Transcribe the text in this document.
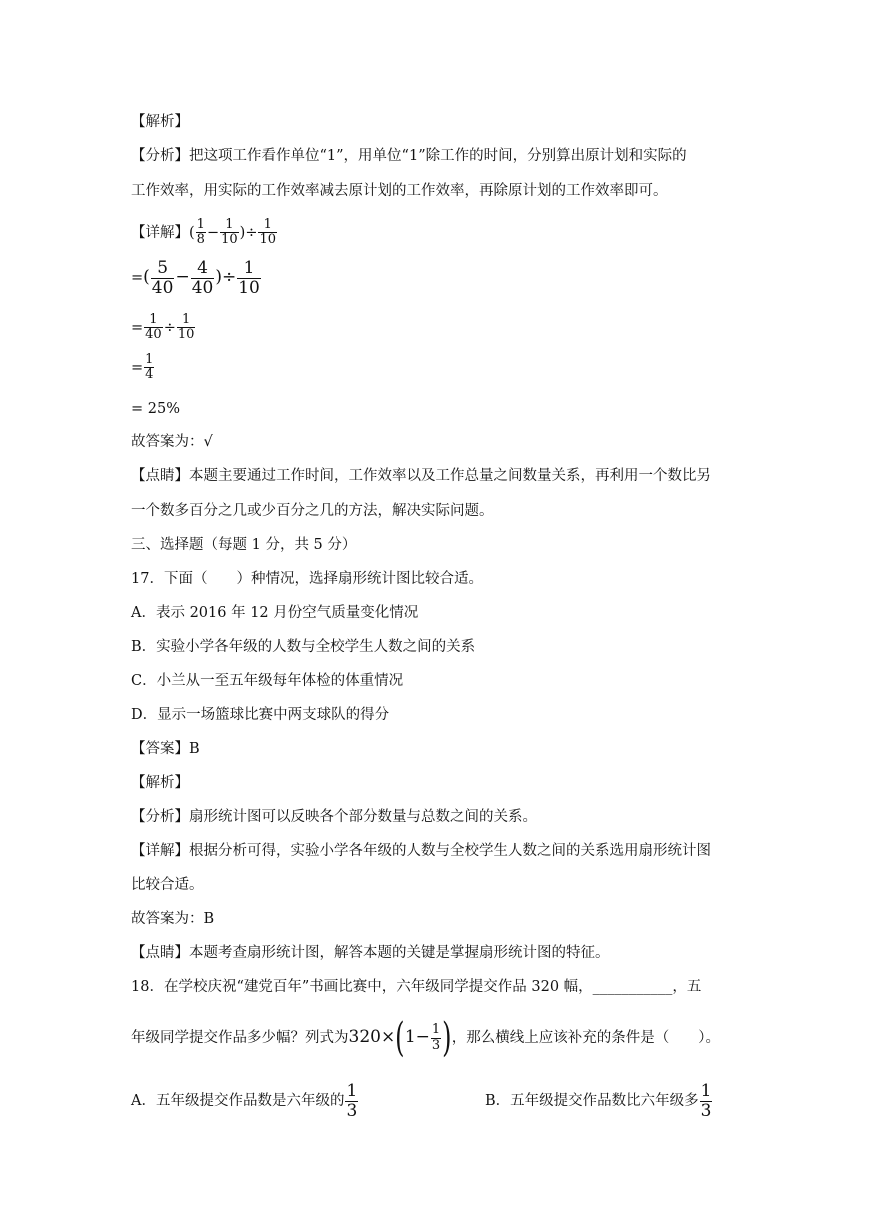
【解析】
【分析】把这项工作看作单位“1”，用单位“1”除工作的时间，分别算出原计划和实际的
工作效率，用实际的工作效率减去原计划的工作效率，再除原计划的工作效率即可。
【详解】( $\frac{1}{8} - \frac{1}{10}$ )÷ $\frac{1}{10}$
=( $\frac{5}{40} - \frac{4}{40}$ )÷ $\frac{1}{10}$
= $\frac{1}{40} \div \frac{1}{10}$
= $\frac{1}{4}$
= 25%
故答案为：√
【点睛】本题主要通过工作时间，工作效率以及工作总量之间数量关系，再利用一个数比另
一个数多百分之几或少百分之几的方法，解决实际问题。
三、选择题（每题 1 分，共 5 分）
17．下面（　　）种情况，选择扇形统计图比较合适。
A．表示 2016 年 12 月份空气质量变化情况
B．实验小学各年级的人数与全校学生人数之间的关系
C．小兰从一至五年级每年体检的体重情况
D．显示一场篮球比赛中两支球队的得分
【答案】B
【解析】
【分析】扇形统计图可以反映各个部分数量与总数之间的关系。
【详解】根据分析可得，实验小学各年级的人数与全校学生人数之间的关系选用扇形统计图
比较合适。
故答案为：B
【点睛】本题考查扇形统计图，解答本题的关键是掌握扇形统计图的特征。
18．在学校庆祝“建党百年”书画比赛中，六年级同学提交作品 320 幅，___________，五
年级同学提交作品多少幅？列式为$320\times(1- \frac{1}{3}$ )，那么横线上应该补充的条件是（　　）。
A．五年级提交作品数是六年级的 $\frac{1}{3}$	B．五年级提交作品数比六年级多 $\frac{1}{3}$
